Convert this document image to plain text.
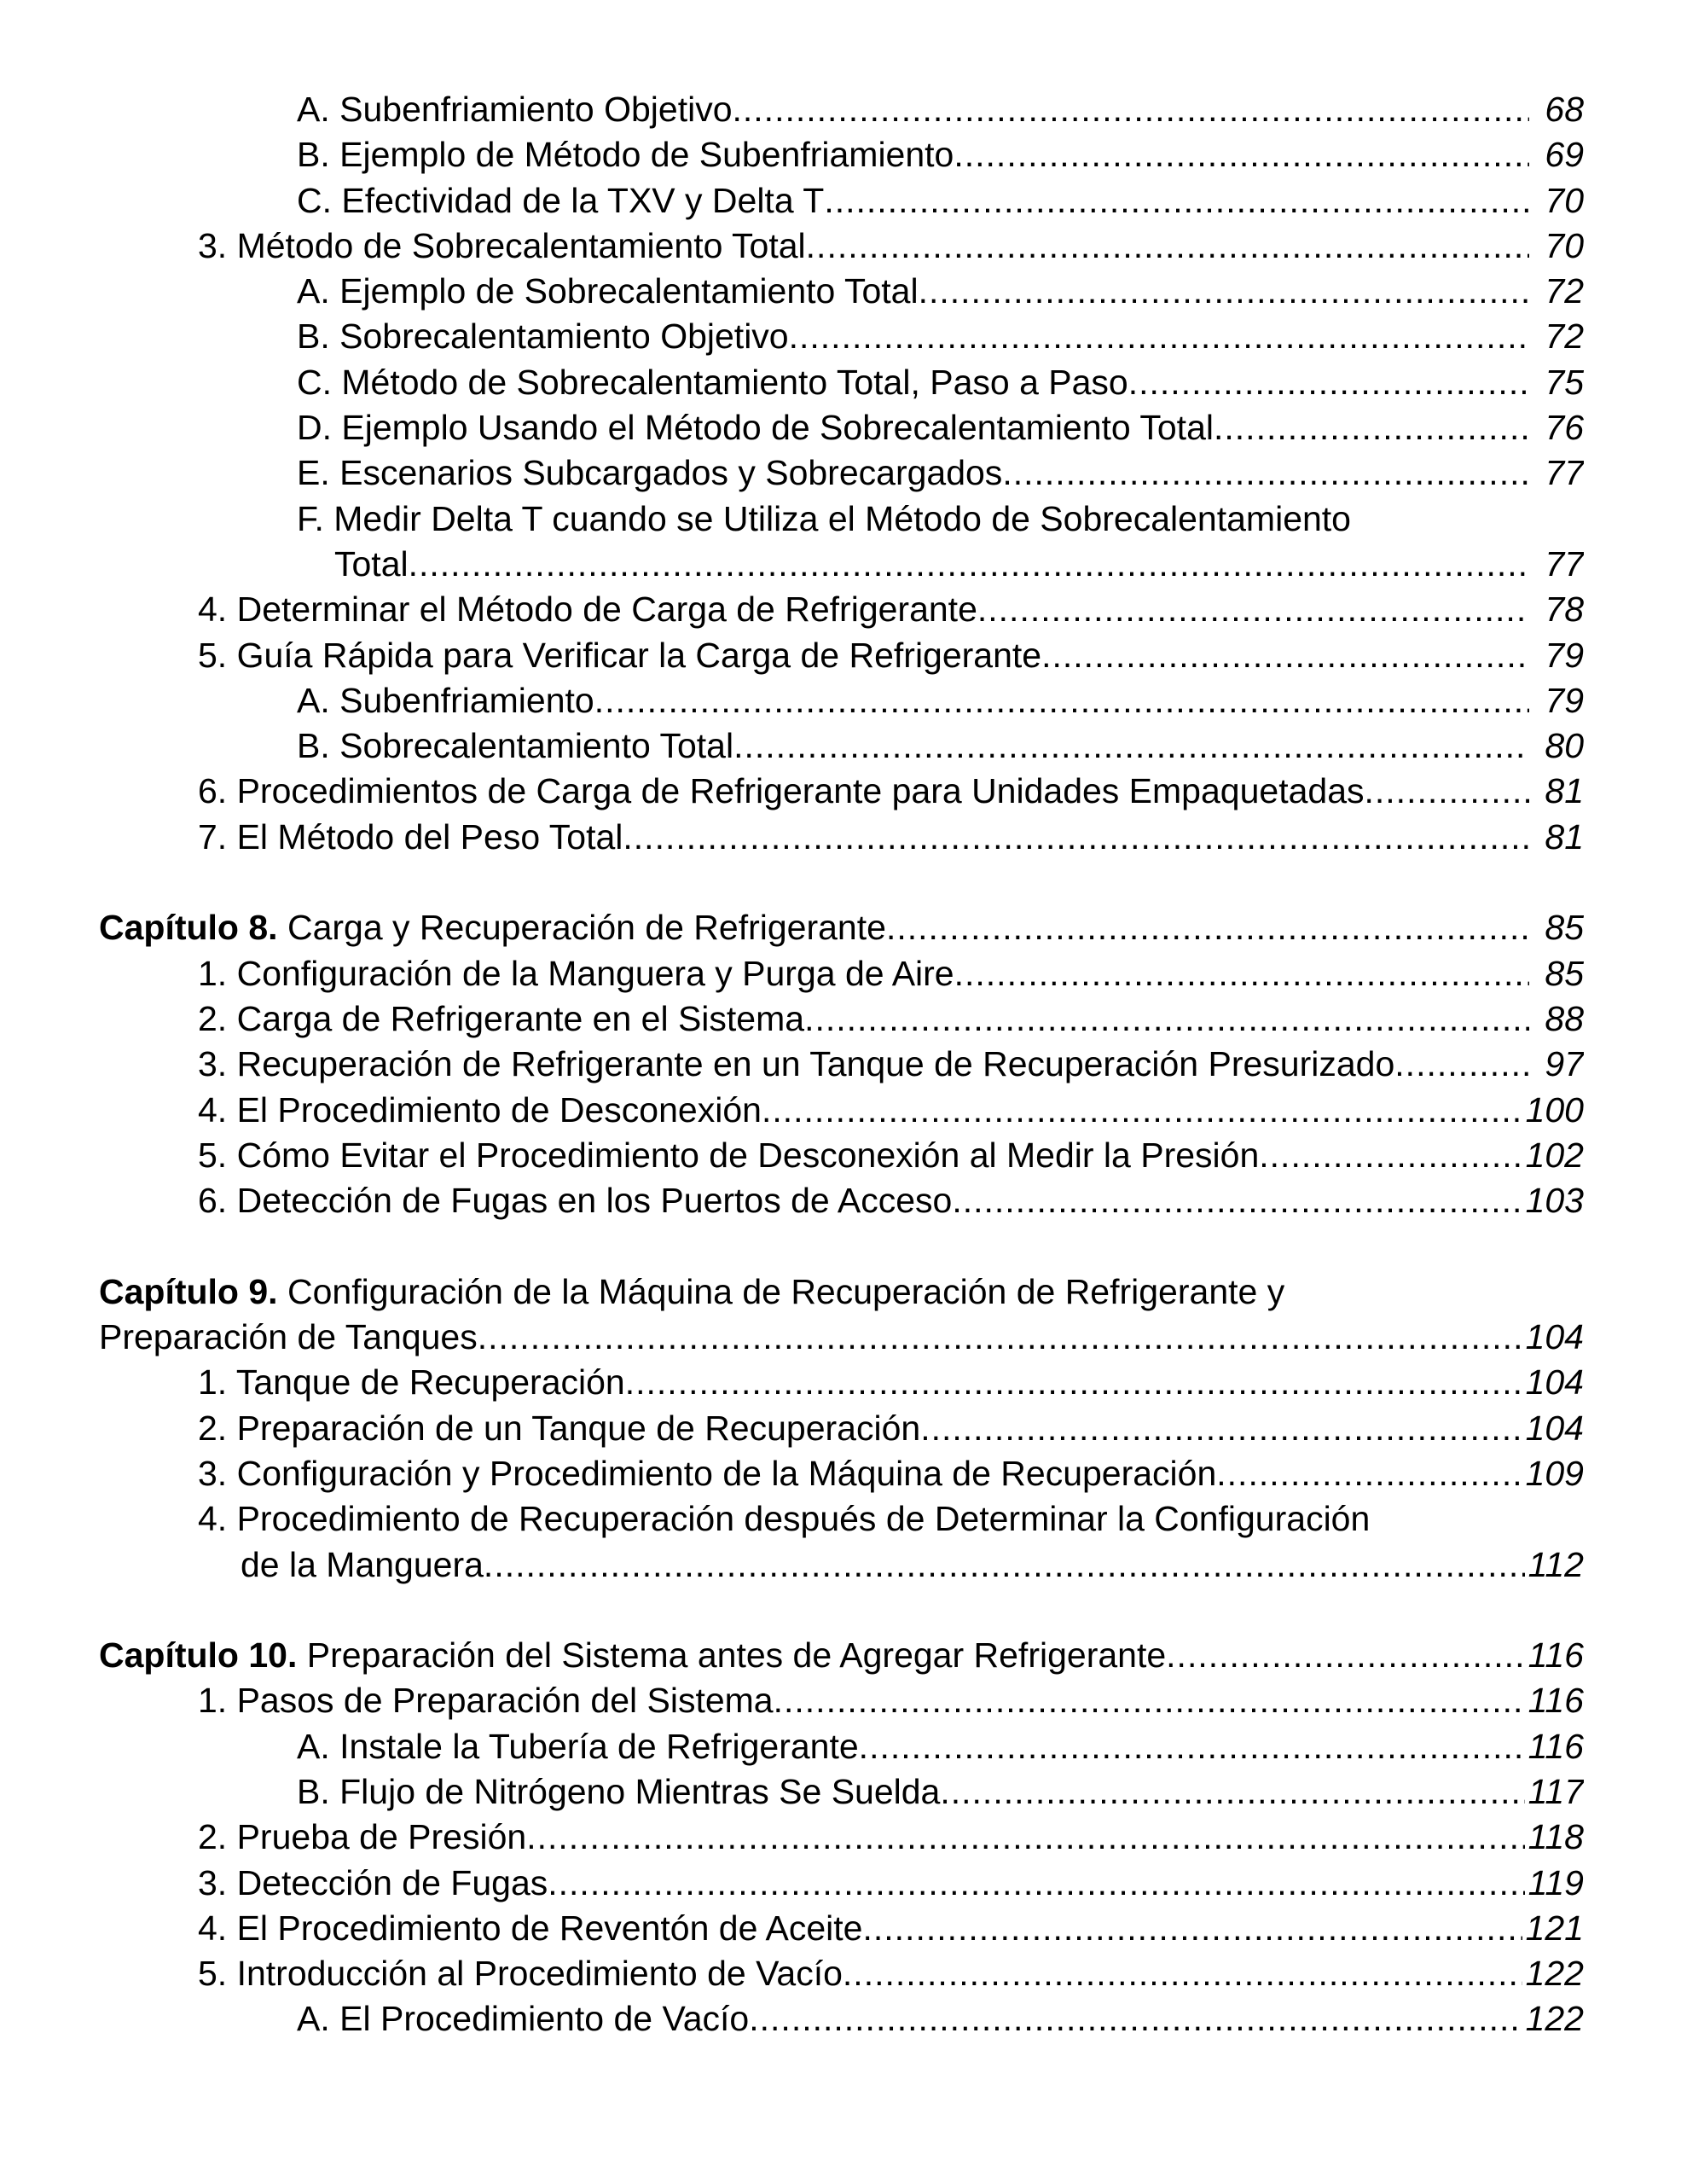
A. Subenfriamiento Objetivo .....	68
B. Ejemplo de Método de Subenfriamiento .....	69
C. Efectividad de la TXV y Delta T .....	70
3. Método de Sobrecalentamiento Total .....	70
A. Ejemplo de Sobrecalentamiento Total .....	72
B. Sobrecalentamiento Objetivo .....	72
C. Método de Sobrecalentamiento Total, Paso a Paso .....	75
D. Ejemplo Usando el Método de Sobrecalentamiento Total .....	76
E. Escenarios Subcargados y Sobrecargados .....	77
F. Medir Delta T cuando se Utiliza el Método de Sobrecalentamiento
Total .....	77
4. Determinar el Método de Carga de Refrigerante .....	78
5. Guía Rápida para Verificar la Carga de Refrigerante .....	79
A. Subenfriamiento .....	79
B. Sobrecalentamiento Total .....	80
6. Procedimientos de Carga de Refrigerante para Unidades Empaquetadas .....	81
7. El Método del Peso Total .....	81
Capítulo 8. Carga y Recuperación de Refrigerante .....	85
1. Configuración de la Manguera y Purga de Aire .....	85
2. Carga de Refrigerante en el Sistema .....	88
3. Recuperación de Refrigerante en un Tanque de Recuperación Presurizado .....	97
4. El Procedimiento de Desconexión .....	100
5. Cómo Evitar el Procedimiento de Desconexión al Medir la Presión .....	102
6. Detección de Fugas en los Puertos de Acceso .....	103
Capítulo 9. Configuración de la Máquina de Recuperación de Refrigerante y
Preparación de Tanques .....	104
1. Tanque de Recuperación .....	104
2. Preparación de un Tanque de Recuperación .....	104
3. Configuración y Procedimiento de la Máquina de Recuperación .....	109
4. Procedimiento de Recuperación después de Determinar la Configuración
de la Manguera .....	112
Capítulo 10. Preparación del Sistema antes de Agregar Refrigerante .....	116
1. Pasos de Preparación del Sistema .....	116
A. Instale la Tubería de Refrigerante .....	116
B. Flujo de Nitrógeno Mientras Se Suelda .....	117
2. Prueba de Presión .....	118
3. Detección de Fugas .....	119
4. El Procedimiento de Reventón de Aceite .....	121
5. Introducción al Procedimiento de Vacío .....	122
A. El Procedimiento de Vacío .....	122
